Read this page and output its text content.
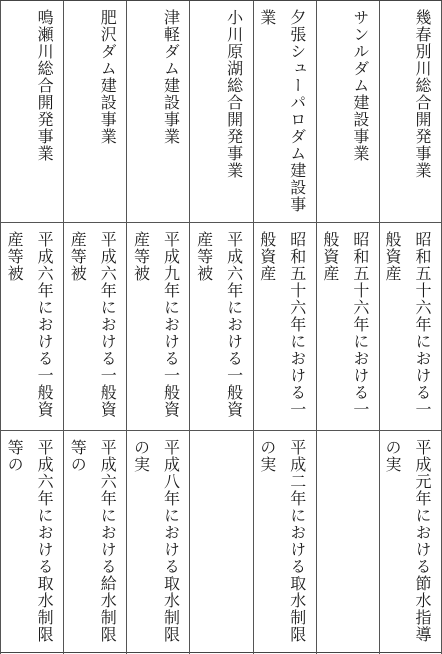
幾春別川総合開発事業
サンルダム建設事業
夕張シューパロダム建設事業
小川原湖総合開発事業
津軽ダム建設事業
肥沢ダム建設事業
鳴瀬川総合開発事業
昭和五十六年における一般資産

昭和五十六年における一般資産

昭和五十六年における一般資産

平成六年における一般資産等被

平成九年における一般資産等被

平成六年における一般資産等被

平成六年における一般資産等被
平成元年における節水指導の実

平成二年における取水制限の実

平成八年における取水制限の実

平成六年における給水制限等の

平成六年における取水制限等の
